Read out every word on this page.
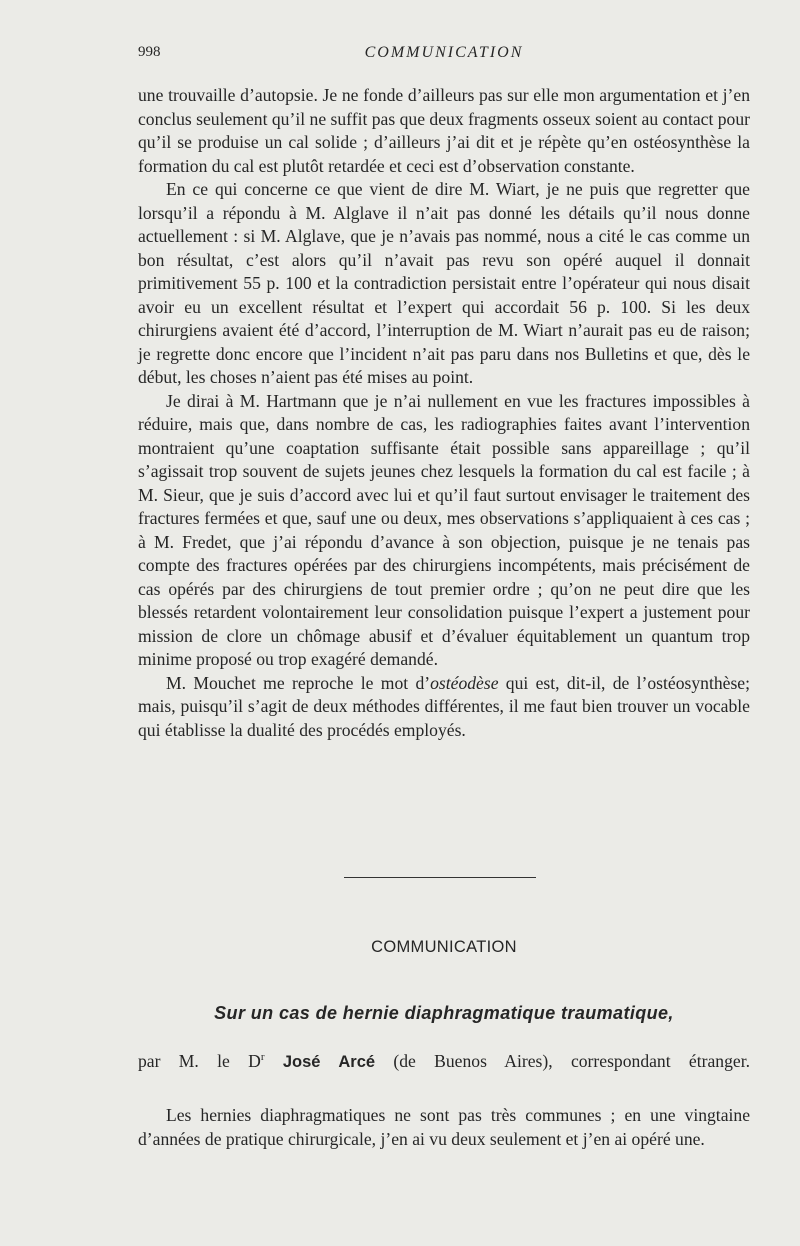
998	COMMUNICATION

une trouvaille d’autopsie. Je ne fonde d’ailleurs pas sur elle mon argumentation et j’en conclus seulement qu’il ne suffit pas que deux fragments osseux soient au contact pour qu’il se produise un cal solide ; d’ailleurs j’ai dit et je répète qu’en ostéosynthèse la formation du cal est plutôt retardée et ceci est d’observation constante.

En ce qui concerne ce que vient de dire M. Wiart, je ne puis que regretter que lorsqu’il a répondu à M. Alglave il n’ait pas donné les détails qu’il nous donne actuellement : si M. Alglave, que je n’avais pas nommé, nous a cité le cas comme un bon résultat, c’est alors qu’il n’avait pas revu son opéré auquel il donnait primitivement 55 p. 100 et la contradiction persistait entre l’opérateur qui nous disait avoir eu un excellent résultat et l’expert qui accordait 56 p. 100. Si les deux chirurgiens avaient été d’accord, l’interruption de M. Wiart n’aurait pas eu de raison; je regrette donc encore que l’incident n’ait pas paru dans nos Bulletins et que, dès le début, les choses n’aient pas été mises au point.

Je dirai à M. Hartmann que je n’ai nullement en vue les fractures impossibles à réduire, mais que, dans nombre de cas, les radiographies faites avant l’intervention montraient qu’une coaptation suffisante était possible sans appareillage ; qu’il s’agissait trop souvent de sujets jeunes chez lesquels la formation du cal est facile ; à M. Sieur, que je suis d’accord avec lui et qu’il faut surtout envisager le traitement des fractures fermées et que, sauf une ou deux, mes observations s’appliquaient à ces cas ; à M. Fredet, que j’ai répondu d’avance à son objection, puisque je ne tenais pas compte des fractures opérées par des chirurgiens incompétents, mais précisément de cas opérés par des chirurgiens de tout premier ordre ; qu’on ne peut dire que les blessés retardent volontairement leur consolidation puisque l’expert a justement pour mission de clore un chômage abusif et d’évaluer équitablement un quantum trop minime proposé ou trop exagéré demandé.

M. Mouchet me reproche le mot d’ostéodèse qui est, dit-il, de l’ostéosynthèse; mais, puisqu’il s’agit de deux méthodes différentes, il me faut bien trouver un vocable qui établisse la dualité des procédés employés.

COMMUNICATION
Sur un cas de hernie diaphragmatique traumatique,
par M. le $D^r$ José Arcé (de Buenos Aires), correspondant étranger.

Les hernies diaphragmatiques ne sont pas très communes ; en une vingtaine d’années de pratique chirurgicale, j’en ai vu deux seulement et j’en ai opéré une.
